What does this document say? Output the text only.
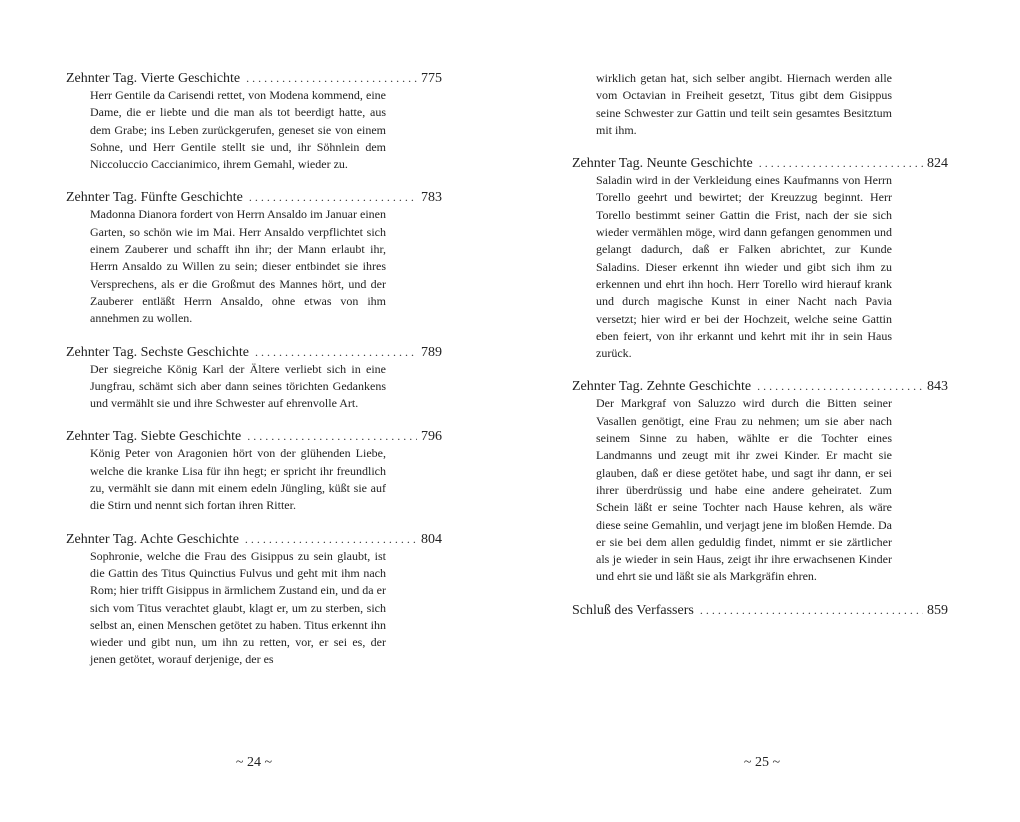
Zehnter Tag. Vierte Geschichte . . .	775

Herr Gentile da Carisendi rettet, von Modena kommend, eine Dame, die er liebte und die man als tot beerdigt hatte, aus dem Grabe; ins Leben zurückgerufen, geneset sie von einem Sohne, und Herr Gentile stellt sie und, ihr Söhnlein dem Niccoluccio Caccianimico, ihrem Gemahl, wieder zu.

Zehnter Tag. Fünfte Geschichte . . .	783

Madonna Dianora fordert von Herrn Ansaldo im Januar einen Garten, so schön wie im Mai. Herr Ansaldo verpflichtet sich einem Zauberer und schafft ihn ihr; der Mann erlaubt ihr, Herrn Ansaldo zu Willen zu sein; dieser entbindet sie ihres Versprechens, als er die Großmut des Mannes hört, und der Zauberer entläßt Herrn Ansaldo, ohne etwas von ihm annehmen zu wollen.

Zehnter Tag. Sechste Geschichte . . .	789

Der siegreiche König Karl der Ältere verliebt sich in eine Jungfrau, schämt sich aber dann seines törichten Gedankens und vermählt sie und ihre Schwester auf ehrenvolle Art.

Zehnter Tag. Siebte Geschichte . . .	796

König Peter von Aragonien hört von der glühenden Liebe, welche die kranke Lisa für ihn hegt; er spricht ihr freundlich zu, vermählt sie dann mit einem edeln Jüngling, küßt sie auf die Stirn und nennt sich fortan ihren Ritter.

Zehnter Tag. Achte Geschichte . . .	804

Sophronie, welche die Frau des Gisippus zu sein glaubt, ist die Gattin des Titus Quinctius Fulvus und geht mit ihm nach Rom; hier trifft Gisippus in ärmlichem Zustand ein, und da er sich vom Titus verachtet glaubt, klagt er, um zu sterben, sich selbst an, einen Menschen getötet zu haben. Titus erkennt ihn wieder und gibt nun, um ihn zu retten, vor, er sei es, der jenen getötet, worauf derjenige, der es

~ 24 ~

wirklich getan hat, sich selber angibt. Hiernach werden alle vom Octavian in Freiheit gesetzt, Titus gibt dem Gisippus seine Schwester zur Gattin und teilt sein gesamtes Besitztum mit ihm.

Zehnter Tag. Neunte Geschichte . . .	824

Saladin wird in der Verkleidung eines Kaufmanns von Herrn Torello geehrt und bewirtet; der Kreuzzug beginnt. Herr Torello bestimmt seiner Gattin die Frist, nach der sie sich wieder vermählen möge, wird dann gefangen genommen und gelangt dadurch, daß er Falken abrichtet, zur Kunde Saladins. Dieser erkennt ihn wieder und gibt sich ihm zu erkennen und ehrt ihn hoch. Herr Torello wird hierauf krank und durch magische Kunst in einer Nacht nach Pavia versetzt; hier wird er bei der Hochzeit, welche seine Gattin eben feiert, von ihr erkannt und kehrt mit ihr in sein Haus zurück.

Zehnter Tag. Zehnte Geschichte . . .	843

Der Markgraf von Saluzzo wird durch die Bitten seiner Vasallen genötigt, eine Frau zu nehmen; um sie aber nach seinem Sinne zu haben, wählte er die Tochter eines Landmanns und zeugt mit ihr zwei Kinder. Er macht sie glauben, daß er diese getötet habe, und sagt ihr dann, er sei ihrer überdrüssig und habe eine andere geheiratet. Zum Schein läßt er seine Tochter nach Hause kehren, als wäre diese seine Gemahlin, und verjagt jene im bloßen Hemde. Da er sie bei dem allen geduldig findet, nimmt er sie zärtlicher als je wieder in sein Haus, zeigt ihr ihre erwachsenen Kinder und ehrt sie und läßt sie als Markgräfin ehren.

Schluß des Verfassers . . .	859
~ 25 ~
